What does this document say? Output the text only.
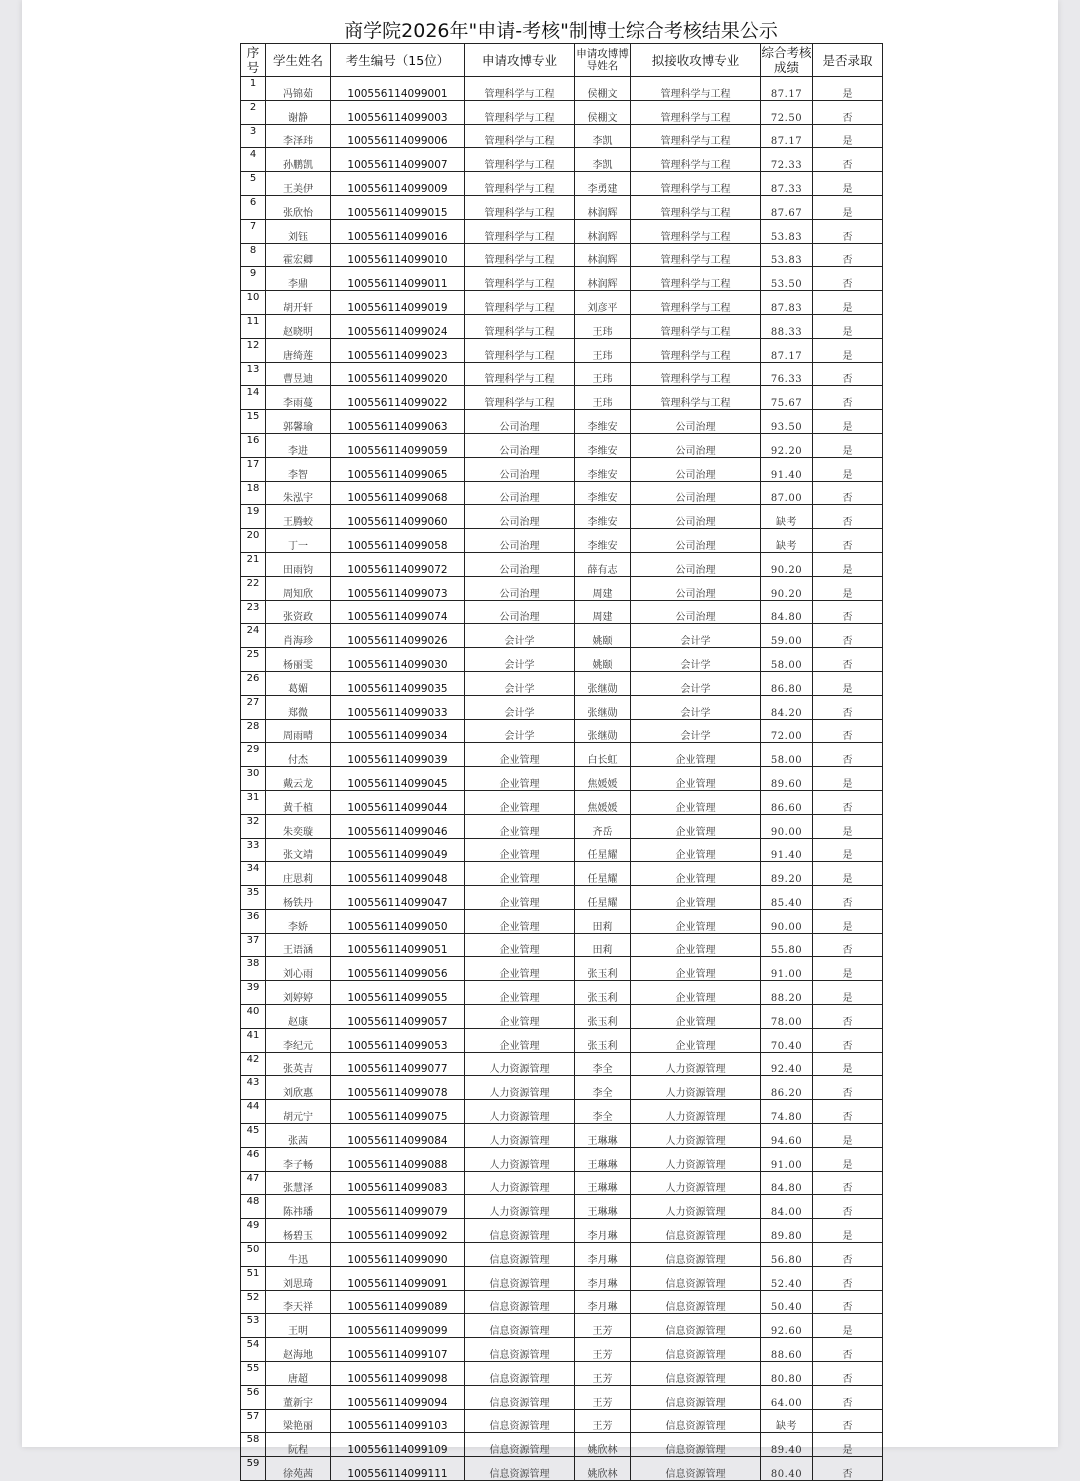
商学院2026年"申请-考核"制博士综合考核结果公示
序号	学生姓名	考生编号（15位）	申请攻博专业	申请攻博博导姓名	拟接收攻博专业	综合考核成绩	是否录取
1	冯锦茹	100556114099001	管理科学与工程	侯棚文	管理科学与工程	87.17	是
2	谢静	100556114099003	管理科学与工程	侯棚文	管理科学与工程	72.50	否
3	李泽玮	100556114099006	管理科学与工程	李凯	管理科学与工程	87.17	是
4	孙鹏凯	100556114099007	管理科学与工程	李凯	管理科学与工程	72.33	否
5	王美伊	100556114099009	管理科学与工程	李勇建	管理科学与工程	87.33	是
6	张欣怡	100556114099015	管理科学与工程	林润辉	管理科学与工程	87.67	是
7	刘钰	100556114099016	管理科学与工程	林润辉	管理科学与工程	53.83	否
8	霍宏卿	100556114099010	管理科学与工程	林润辉	管理科学与工程	53.83	否
9	李鼎	100556114099011	管理科学与工程	林润辉	管理科学与工程	53.50	否
10	胡开轩	100556114099019	管理科学与工程	刘彦平	管理科学与工程	87.83	是
11	赵晓明	100556114099024	管理科学与工程	王玮	管理科学与工程	88.33	是
12	唐绮莲	100556114099023	管理科学与工程	王玮	管理科学与工程	87.17	是
13	曹昱迪	100556114099020	管理科学与工程	王玮	管理科学与工程	76.33	否
14	李雨蔓	100556114099022	管理科学与工程	王玮	管理科学与工程	75.67	否
15	郭馨瑜	100556114099063	公司治理	李维安	公司治理	93.50	是
16	李进	100556114099059	公司治理	李维安	公司治理	92.20	是
17	李智	100556114099065	公司治理	李维安	公司治理	91.40	是
18	朱泓宇	100556114099068	公司治理	李维安	公司治理	87.00	否
19	王腾蛟	100556114099060	公司治理	李维安	公司治理	缺考	否
20	丁一	100556114099058	公司治理	李维安	公司治理	缺考	否
21	田雨钧	100556114099072	公司治理	薛有志	公司治理	90.20	是
22	周知欣	100556114099073	公司治理	周建	公司治理	90.20	是
23	张资政	100556114099074	公司治理	周建	公司治理	84.80	否
24	肖海珍	100556114099026	会计学	姚颐	会计学	59.00	否
25	杨丽雯	100556114099030	会计学	姚颐	会计学	58.00	否
26	葛媚	100556114099035	会计学	张继勋	会计学	86.80	是
27	郑微	100556114099033	会计学	张继勋	会计学	84.20	否
28	周雨晴	100556114099034	会计学	张继勋	会计学	72.00	否
29	付杰	100556114099039	企业管理	白长虹	企业管理	58.00	否
30	戴云龙	100556114099045	企业管理	焦媛媛	企业管理	89.60	是
31	黄千植	100556114099044	企业管理	焦媛媛	企业管理	86.60	否
32	朱奕璇	100556114099046	企业管理	齐岳	企业管理	90.00	是
33	张文靖	100556114099049	企业管理	任星耀	企业管理	91.40	是
34	庄思莉	100556114099048	企业管理	任星耀	企业管理	89.20	是
35	杨铁丹	100556114099047	企业管理	任星耀	企业管理	85.40	否
36	李娇	100556114099050	企业管理	田莉	企业管理	90.00	是
37	王语涵	100556114099051	企业管理	田莉	企业管理	55.80	否
38	刘心雨	100556114099056	企业管理	张玉利	企业管理	91.00	是
39	刘婷婷	100556114099055	企业管理	张玉利	企业管理	88.20	是
40	赵康	100556114099057	企业管理	张玉利	企业管理	78.00	否
41	李纪元	100556114099053	企业管理	张玉利	企业管理	70.40	否
42	张英吉	100556114099077	人力资源管理	李全	人力资源管理	92.40	是
43	刘欣惠	100556114099078	人力资源管理	李全	人力资源管理	86.20	否
44	胡元宁	100556114099075	人力资源管理	李全	人力资源管理	74.80	否
45	张茜	100556114099084	人力资源管理	王琳琳	人力资源管理	94.60	是
46	李子畅	100556114099088	人力资源管理	王琳琳	人力资源管理	91.00	是
47	张慧泽	100556114099083	人力资源管理	王琳琳	人力资源管理	84.80	否
48	陈祎璠	100556114099079	人力资源管理	王琳琳	人力资源管理	84.00	否
49	杨碧玉	100556114099092	信息资源管理	李月琳	信息资源管理	89.80	是
50	牛迅	100556114099090	信息资源管理	李月琳	信息资源管理	56.80	否
51	刘思琦	100556114099091	信息资源管理	李月琳	信息资源管理	52.40	否
52	李天祥	100556114099089	信息资源管理	李月琳	信息资源管理	50.40	否
53	王明	100556114099099	信息资源管理	王芳	信息资源管理	92.60	是
54	赵海地	100556114099107	信息资源管理	王芳	信息资源管理	88.60	否
55	唐超	100556114099098	信息资源管理	王芳	信息资源管理	80.80	否
56	董新宇	100556114099094	信息资源管理	王芳	信息资源管理	64.00	否
57	梁艳丽	100556114099103	信息资源管理	王芳	信息资源管理	缺考	否
58	阮程	100556114099109	信息资源管理	姚欣林	信息资源管理	89.40	是
59	徐苑茜	100556114099111	信息资源管理	姚欣林	信息资源管理	80.40	否
